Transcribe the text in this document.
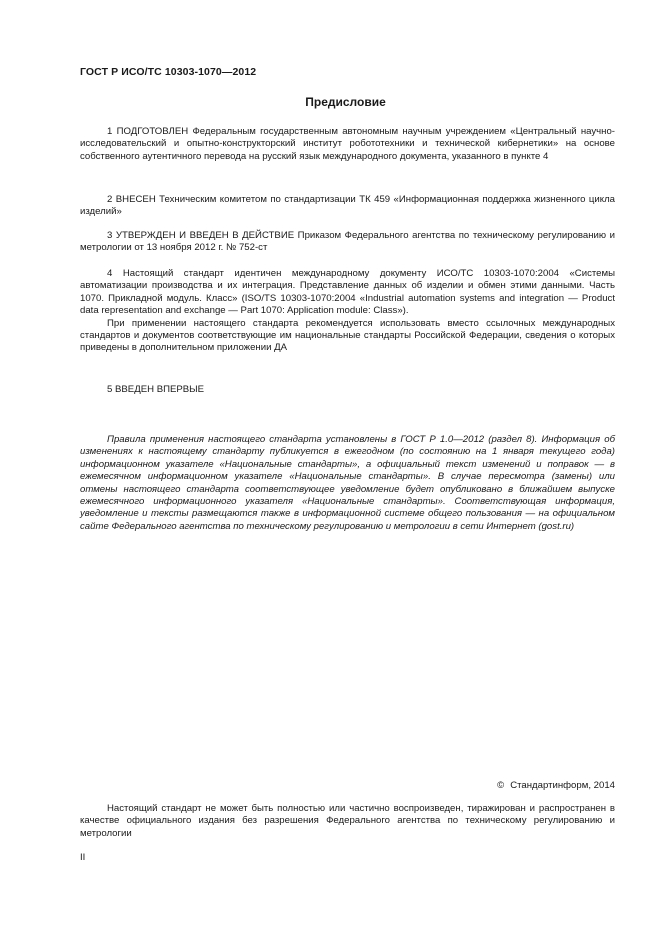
ГОСТ Р ИСО/ТС 10303-1070—2012
Предисловие

1 ПОДГОТОВЛЕН Федеральным государственным автономным научным учреждением «Центральный научно-исследовательский и опытно-конструкторский институт робототехники и технической кибернетики» на основе собственного аутентичного перевода на русский язык международного документа, указанного в пункте 4

2 ВНЕСЕН Техническим комитетом по стандартизации ТК 459 «Информационная поддержка жизненного цикла изделий»

3 УТВЕРЖДЕН И ВВЕДЕН В ДЕЙСТВИЕ Приказом Федерального агентства по техническому регулированию и метрологии от 13 ноября 2012 г. № 752-ст

4 Настоящий стандарт идентичен международному документу ИСО/ТС 10303-1070:2004 «Системы автоматизации производства и их интеграция. Представление данных об изделии и обмен этими данными. Часть 1070. Прикладной модуль. Класс» (ISO/TS 10303-1070:2004 «Industrial automation systems and integration — Product data representation and exchange — Part 1070: Application module: Class»).

При применении настоящего стандарта рекомендуется использовать вместо ссылочных международных стандартов и документов соответствующие им национальные стандарты Российской Федерации, сведения о которых приведены в дополнительном приложении ДА

5 ВВЕДЕН ВПЕРВЫЕ

Правила применения настоящего стандарта установлены в ГОСТ Р 1.0—2012 (раздел 8). Информация об изменениях к настоящему стандарту публикуется в ежегодном (по состоянию на 1 января текущего года) информационном указателе «Национальные стандарты», а официальный текст изменений и поправок — в ежемесячном информационном указателе «Национальные стандарты». В случае пересмотра (замены) или отмены настоящего стандарта соответствующее уведомление будет опубликовано в ближайшем выпуске ежемесячного информационного указателя «Национальные стандарты». Соответствующая информация, уведомление и тексты размещаются также в информационной системе общего пользования — на официальном сайте Федерального агентства по техническому регулированию и метрологии в сети Интернет (gost.ru)

© Стандартинформ, 2014

Настоящий стандарт не может быть полностью или частично воспроизведен, тиражирован и распространен в качестве официального издания без разрешения Федерального агентства по техническому регулированию и метрологии

II
